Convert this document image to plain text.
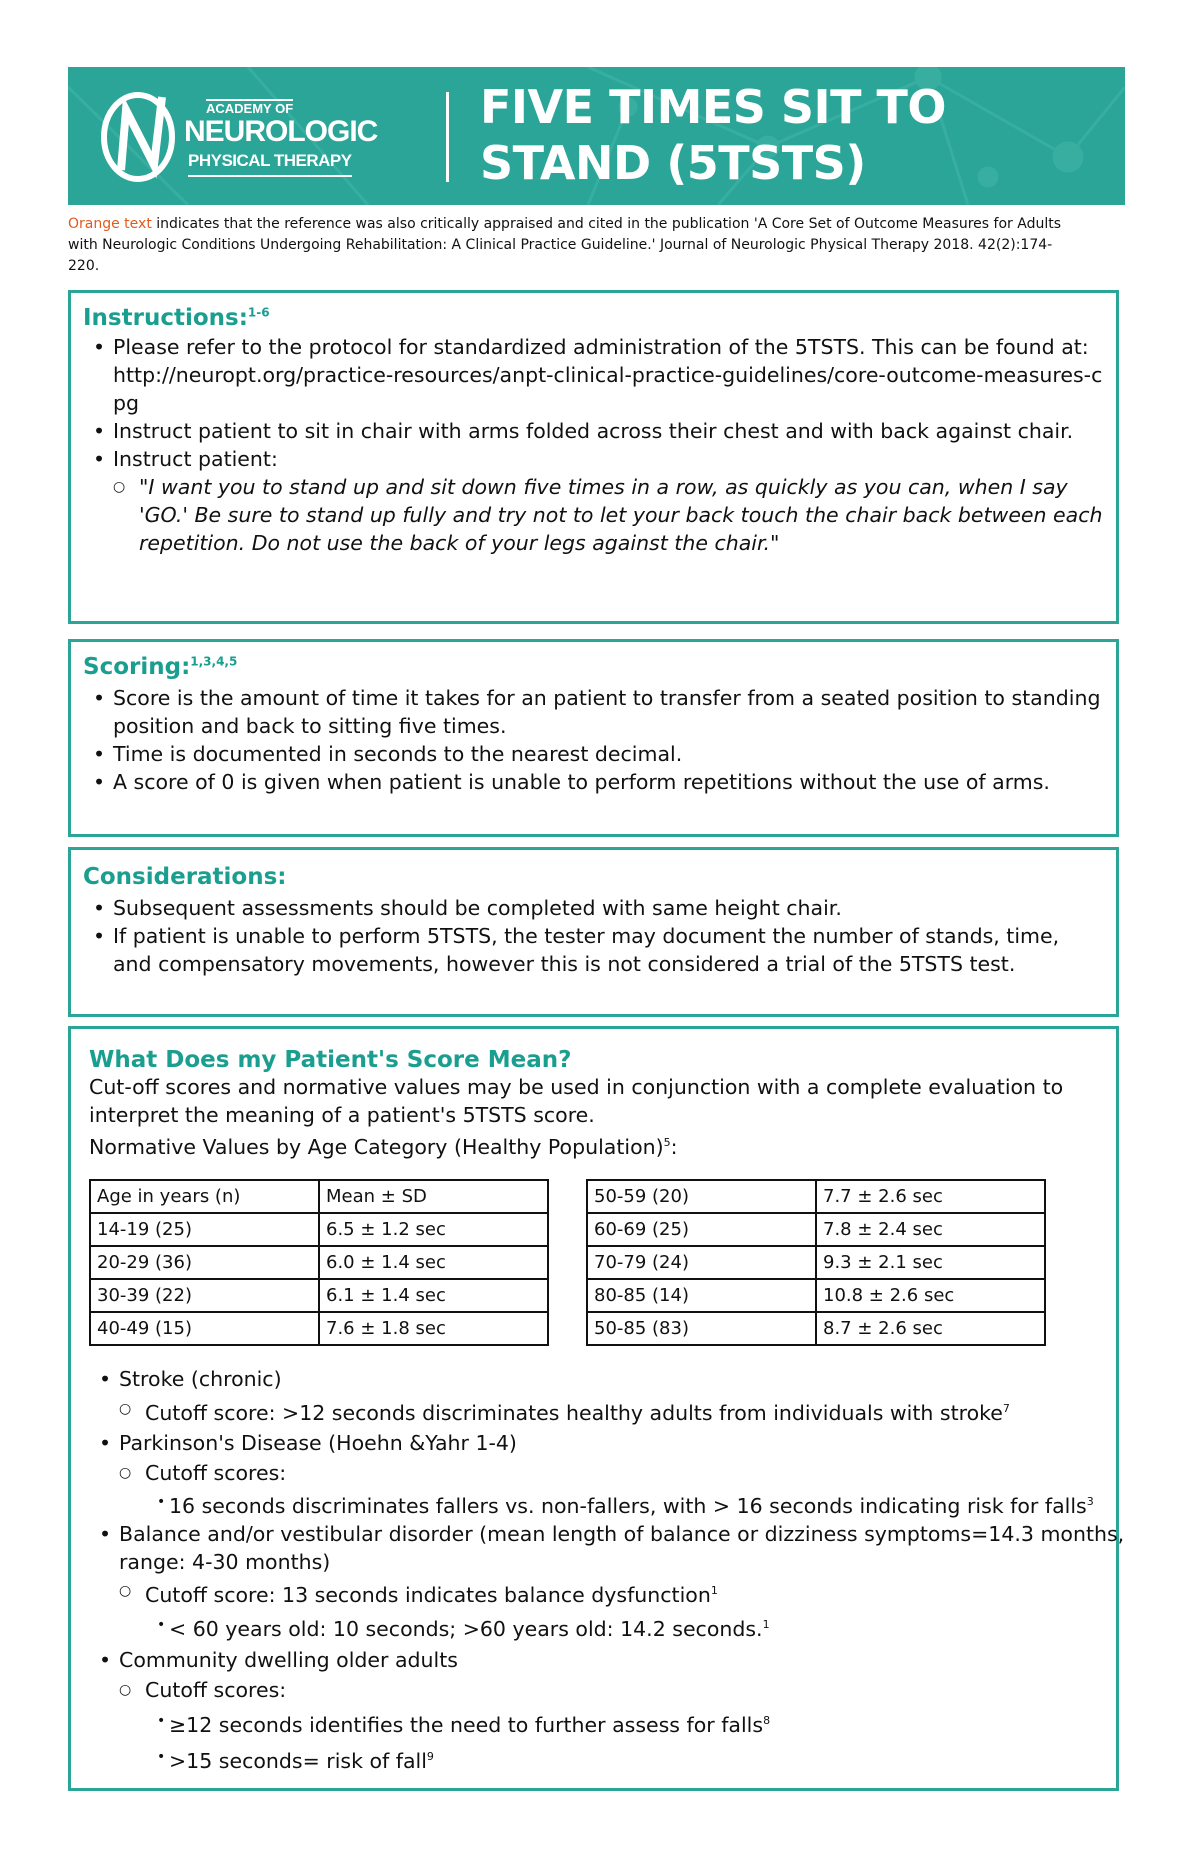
ACADEMY OF
NEUROLOGIC
PHYSICAL THERAPY
FIVE TIMES SIT TO
STAND (5TSTS)
Orange text indicates that the reference was also critically appraised and cited in the publication 'A Core Set of Outcome Measures for Adults with Neurologic Conditions Undergoing Rehabilitation: A Clinical Practice Guideline.' Journal of Neurologic Physical Therapy 2018. 42(2):174-220.
Instructions:$^{1-6}$
• Please refer to the protocol for standardized administration of the 5TSTS. This can be found at: http://neuropt.org/practice-resources/anpt-clinical-practice-guidelines/core-outcome-measures-cpg
• Instruct patient to sit in chair with arms folded across their chest and with back against chair.
• Instruct patient:
○ "I want you to stand up and sit down five times in a row, as quickly as you can, when I say 'GO.' Be sure to stand up fully and try not to let your back touch the chair back between each repetition. Do not use the back of your legs against the chair."
Scoring:$^{1,3,4,5}$
• Score is the amount of time it takes for an patient to transfer from a seated position to standing position and back to sitting five times.
• Time is documented in seconds to the nearest decimal.
• A score of 0 is given when patient is unable to perform repetitions without the use of arms.
Considerations:
• Subsequent assessments should be completed with same height chair.
• If patient is unable to perform 5TSTS, the tester may document the number of stands, time, and compensatory movements, however this is not considered a trial of the 5TSTS test.
What Does my Patient's Score Mean?

Cut-off scores and normative values may be used in conjunction with a complete evaluation to interpret the meaning of a patient's 5TSTS score.

Normative Values by Age Category (Healthy Population)$^5$:

Age in years (n)	Mean ± SD
14-19 (25)	6.5 ± 1.2 sec
20-29 (36)	6.0 ± 1.4 sec
30-39 (22)	6.1 ± 1.4 sec
40-49 (15)	7.6 ± 1.8 sec
50-59 (20)	7.7 ± 2.6 sec
60-69 (25)	7.8 ± 2.4 sec
70-79 (24)	9.3 ± 2.1 sec
80-85 (14)	10.8 ± 2.6 sec
50-85 (83)	8.7 ± 2.6 sec
• Stroke (chronic)
○ Cutoff score: >12 seconds discriminates healthy adults from individuals with stroke$^7$
• Parkinson's Disease (Hoehn &Yahr 1-4)
○ Cutoff scores:
• 16 seconds discriminates fallers vs. non-fallers, with > 16 seconds indicating risk for falls$^3$
• Balance and/or vestibular disorder (mean length of balance or dizziness symptoms=14.3 months, range: 4-30 months)
○ Cutoff score: 13 seconds indicates balance dysfunction$^1$
• < 60 years old: 10 seconds; >60 years old: 14.2 seconds.$^1$
• Community dwelling older adults
○ Cutoff scores:
• ≥12 seconds identifies the need to further assess for falls$^8$
• >15 seconds= risk of fall$^9$
